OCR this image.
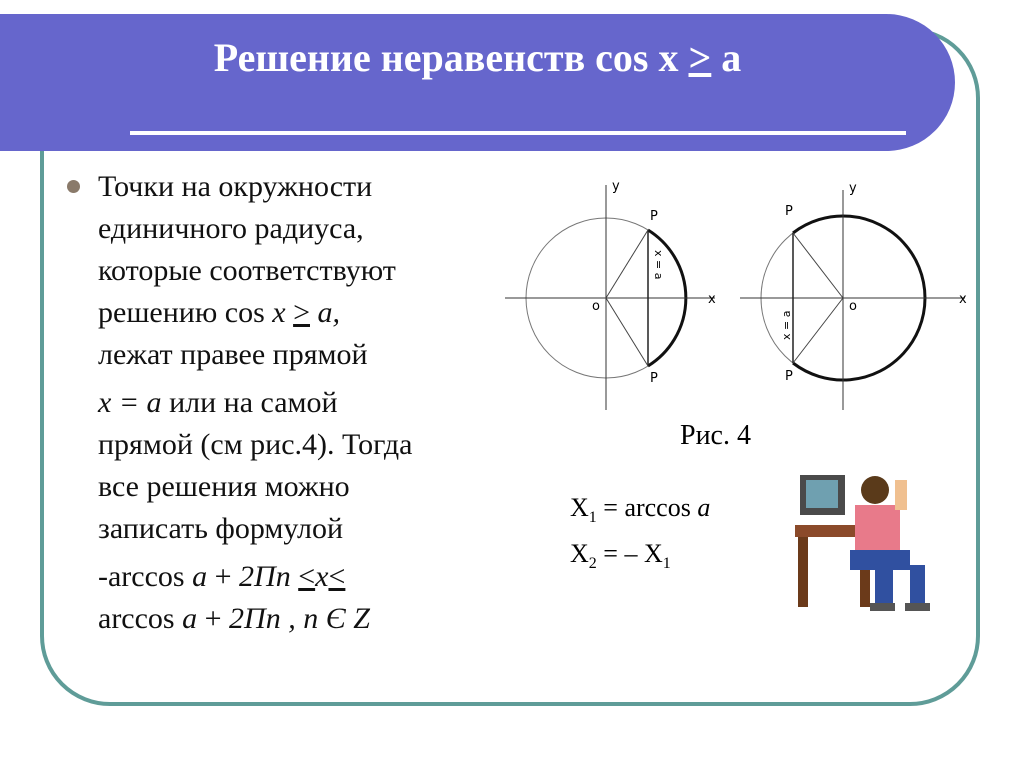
Решение неравенств cos x > a

Точки на окружности

единичного радиуса,

которые соответствуют

решению cos x > a,

лежат правее прямой

x = a или на самой

прямой (см рис.4). Тогда

все решения можно

записать формулой

-arccos a + 2Πn <x<

arccos a + 2Πn , n Є Z

y
x
o
P
P
x = a
y
x
o
P
P
x = a
Рис. 4
$X_1 = \arccos a$
$X_2$ = – $X_1$
